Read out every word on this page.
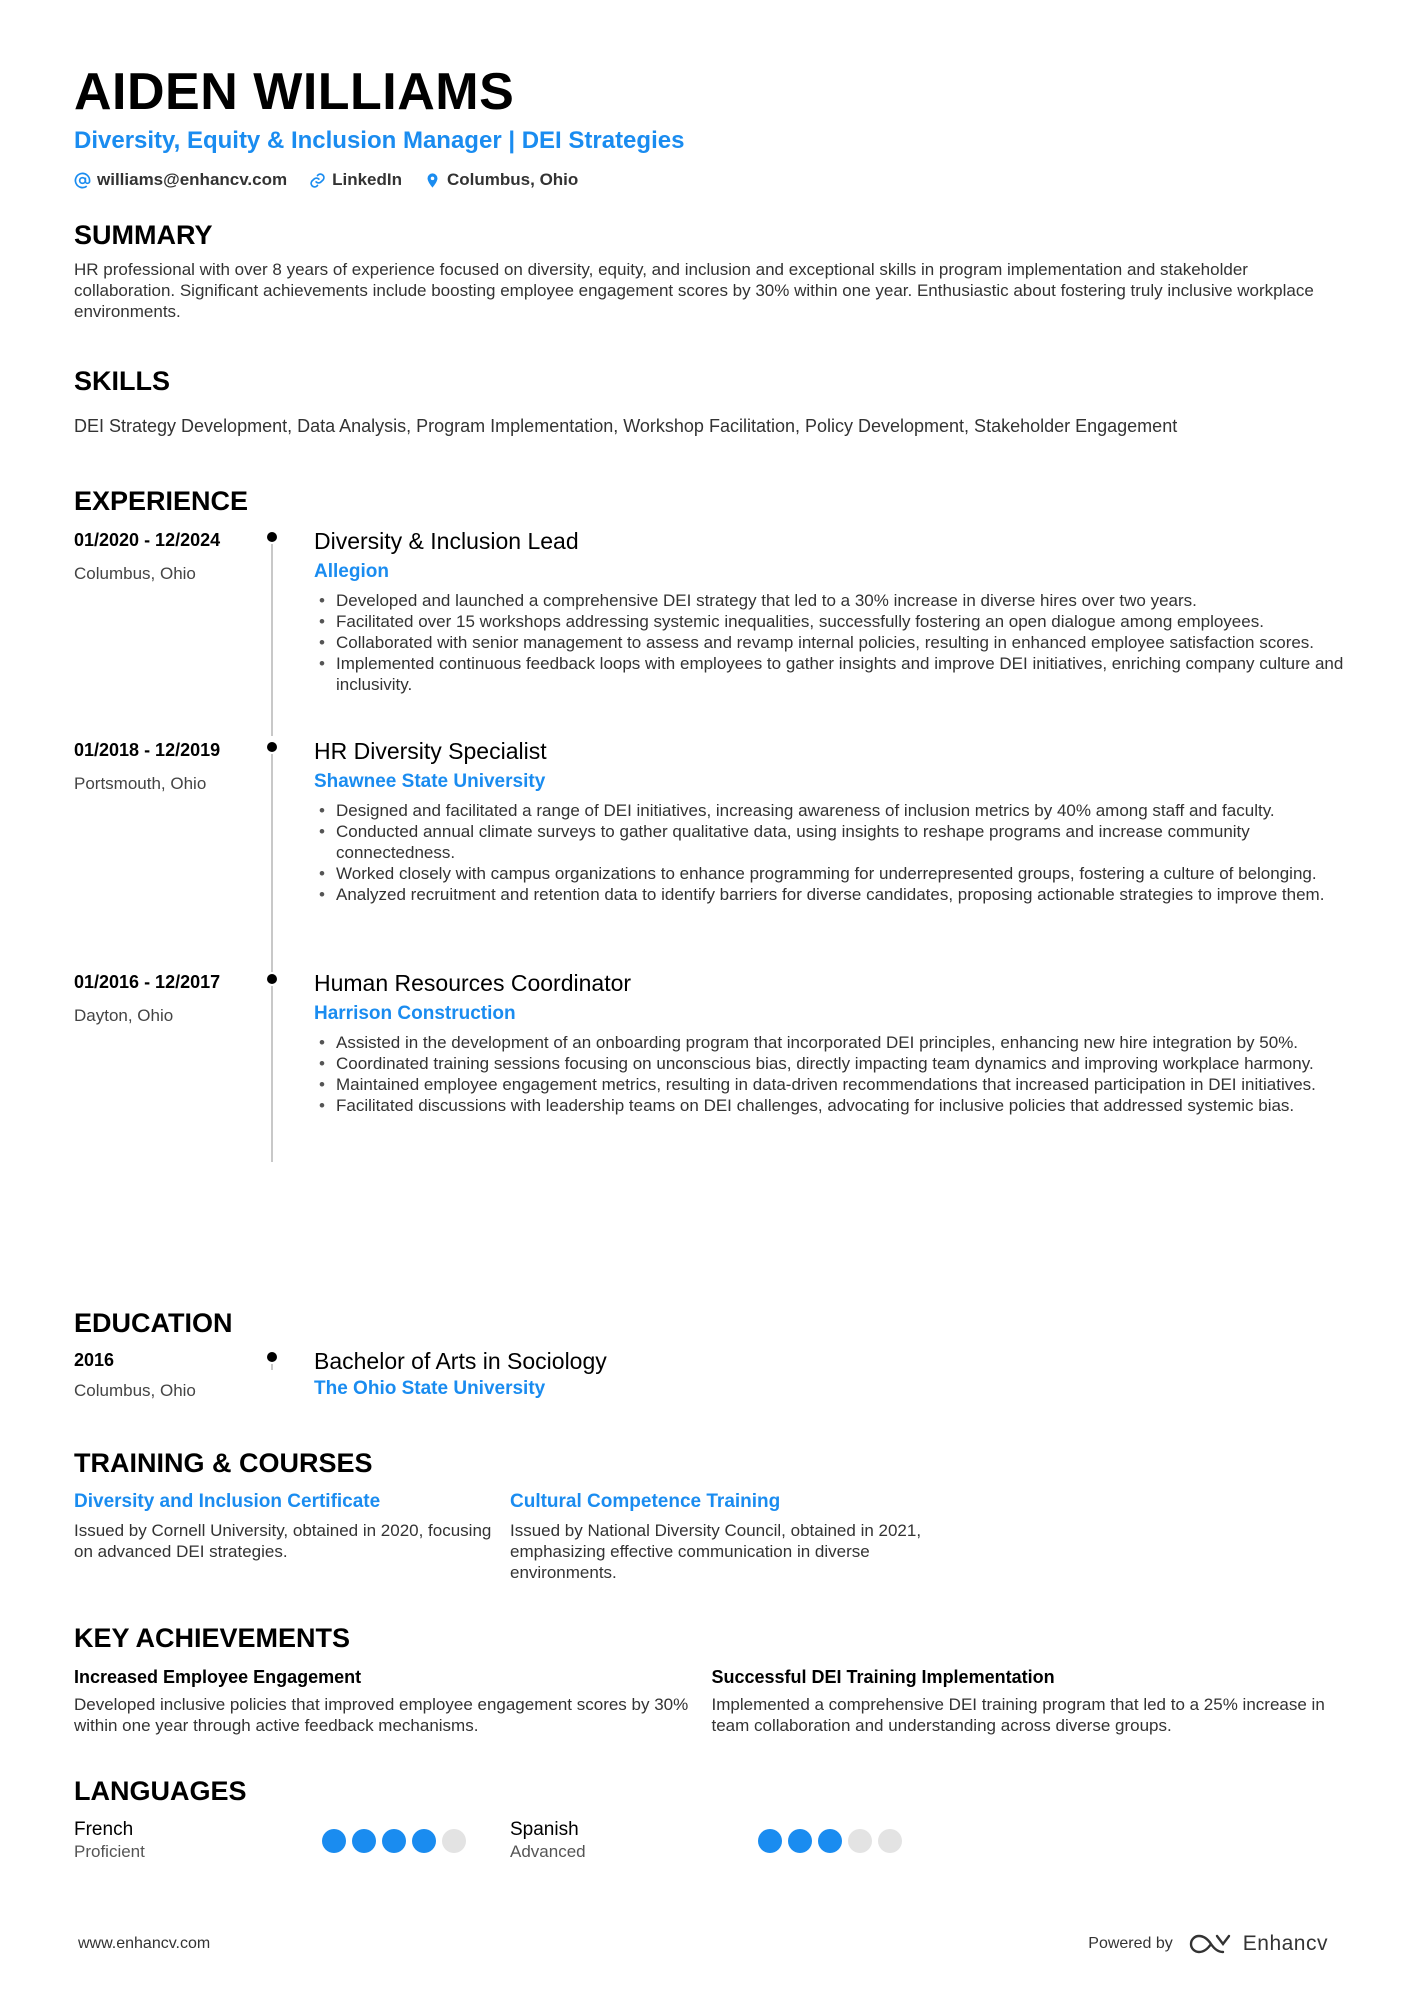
AIDEN WILLIAMS
Diversity, Equity & Inclusion Manager | DEI Strategies
williams@enhancv.com	LinkedIn	Columbus, Ohio
SUMMARY
HR professional with over 8 years of experience focused on diversity, equity, and inclusion and exceptional skills in program implementation and stakeholder collaboration. Significant achievements include boosting employee engagement scores by 30% within one year. Enthusiastic about fostering truly inclusive workplace environments.
SKILLS
DEI Strategy Development, Data Analysis, Program Implementation, Workshop Facilitation, Policy Development, Stakeholder Engagement
EXPERIENCE
01/2020 - 12/2024
Columbus, Ohio
Diversity & Inclusion Lead
Allegion
• Developed and launched a comprehensive DEI strategy that led to a 30% increase in diverse hires over two years.
• Facilitated over 15 workshops addressing systemic inequalities, successfully fostering an open dialogue among employees.
• Collaborated with senior management to assess and revamp internal policies, resulting in enhanced employee satisfaction scores.
• Implemented continuous feedback loops with employees to gather insights and improve DEI initiatives, enriching company culture and inclusivity.
01/2018 - 12/2019
Portsmouth, Ohio
HR Diversity Specialist
Shawnee State University
• Designed and facilitated a range of DEI initiatives, increasing awareness of inclusion metrics by 40% among staff and faculty.
• Conducted annual climate surveys to gather qualitative data, using insights to reshape programs and increase community connectedness.
• Worked closely with campus organizations to enhance programming for underrepresented groups, fostering a culture of belonging.
• Analyzed recruitment and retention data to identify barriers for diverse candidates, proposing actionable strategies to improve them.
01/2016 - 12/2017
Dayton, Ohio
Human Resources Coordinator
Harrison Construction
• Assisted in the development of an onboarding program that incorporated DEI principles, enhancing new hire integration by 50%.
• Coordinated training sessions focusing on unconscious bias, directly impacting team dynamics and improving workplace harmony.
• Maintained employee engagement metrics, resulting in data-driven recommendations that increased participation in DEI initiatives.
• Facilitated discussions with leadership teams on DEI challenges, advocating for inclusive policies that addressed systemic bias.
EDUCATION
2016
Columbus, Ohio
Bachelor of Arts in Sociology
The Ohio State University
TRAINING & COURSES
Diversity and Inclusion Certificate
Issued by Cornell University, obtained in 2020, focusing on advanced DEI strategies.
Cultural Competence Training
Issued by National Diversity Council, obtained in 2021, emphasizing effective communication in diverse environments.
KEY ACHIEVEMENTS
Increased Employee Engagement
Developed inclusive policies that improved employee engagement scores by 30% within one year through active feedback mechanisms.
Successful DEI Training Implementation
Implemented a comprehensive DEI training program that led to a 25% increase in team collaboration and understanding across diverse groups.
LANGUAGES
French
Proficient
Spanish
Advanced
www.enhancv.com	Powered by	Enhancv
